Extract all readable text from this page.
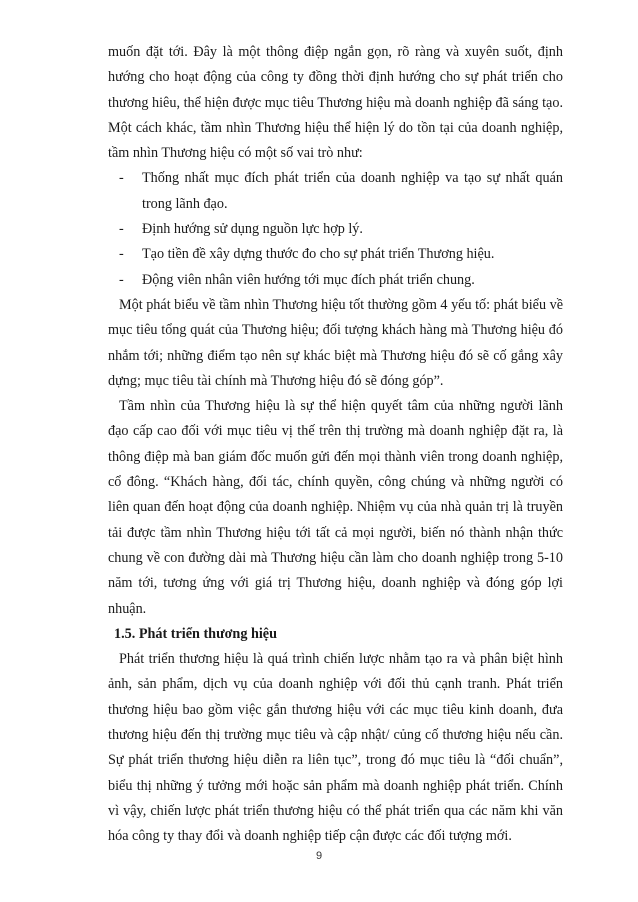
muốn đặt tới. Đây là một thông điệp ngắn gọn, rõ ràng và xuyên suốt, định hướng cho hoạt động của công ty đồng thời định hướng cho sự phát triển cho thương hiêu, thể hiện được mục tiêu Thương hiệu mà doanh nghiệp đã sáng tạo. Một cách khác, tầm nhìn Thương hiệu thể hiện lý do tồn tại của doanh nghiệp, tầm nhìn Thương hiệu có một số vai trò như:

- Thống nhất mục đích phát triển của doanh nghiệp va tạo sự nhất quán trong lãnh đạo.

- Định hướng sử dụng nguồn lực hợp lý.

- Tạo tiền đề xây dựng thước đo cho sự phát triển Thương hiệu.

- Động viên nhân viên hướng tới mục đích phát triển chung.

Một phát biểu về tầm nhìn Thương hiệu tốt thường gồm 4 yếu tố: phát biểu về mục tiêu tổng quát của Thương hiệu; đối tượng khách hàng mà Thương hiệu đó nhắm tới; những điểm tạo nên sự khác biệt mà Thương hiệu đó sẽ cố gắng xây dựng; mục tiêu tài chính mà Thương hiệu đó sẽ đóng góp”.

Tầm nhìn của Thương hiệu là sự thể hiện quyết tâm của những người lãnh đạo cấp cao đối với mục tiêu vị thế trên thị trường mà doanh nghiệp đặt ra, là thông điệp mà ban giám đốc muốn gửi đến mọi thành viên trong doanh nghiệp, cổ đông. “Khách hàng, đối tác, chính quyền, công chúng và những người có liên quan đến hoạt động của doanh nghiệp. Nhiệm vụ của nhà quản trị là truyền tải được tầm nhìn Thương hiệu tới tất cả mọi người, biến nó thành nhận thức chung về con đường dài mà Thương hiệu cần làm cho doanh nghiệp trong 5-10 năm tới, tương ứng với giá trị Thương hiệu, doanh nghiệp và đóng góp lợi nhuận.

1.5. Phát triển thương hiệu

Phát triển thương hiệu là quá trình chiến lược nhằm tạo ra và phân biệt hình ảnh, sản phẩm, dịch vụ của doanh nghiệp với đối thủ cạnh tranh. Phát triển thương hiệu bao gồm việc gắn thương hiệu với các mục tiêu kinh doanh, đưa thương hiệu đến thị trường mục tiêu và cập nhật/ củng cố thương hiệu nếu cần. Sự phát triển thương hiệu diễn ra liên tục”, trong đó mục tiêu là “đối chuẩn”, biểu thị những ý tưởng mới hoặc sản phẩm mà doanh nghiệp phát triển. Chính vì vậy, chiến lược phát triển thương hiệu có thể phát triển qua các năm khi văn hóa công ty thay đổi và doanh nghiệp tiếp cận được các đối tượng mới.

9
